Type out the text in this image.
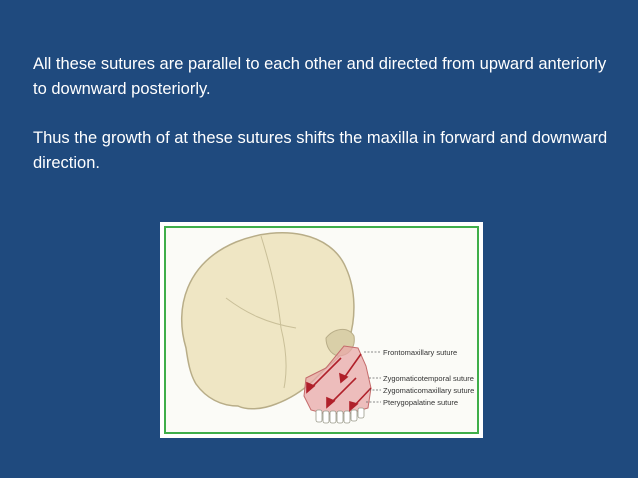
All these sutures are parallel to each other and directed from upward anteriorly to downward posteriorly.

Thus the growth of at these sutures shifts the maxilla in forward and downward direction.

Frontomaxillary suture
Zygomaticotemporal suture
Zygomaticomaxillary suture
Pterygopalatine suture
